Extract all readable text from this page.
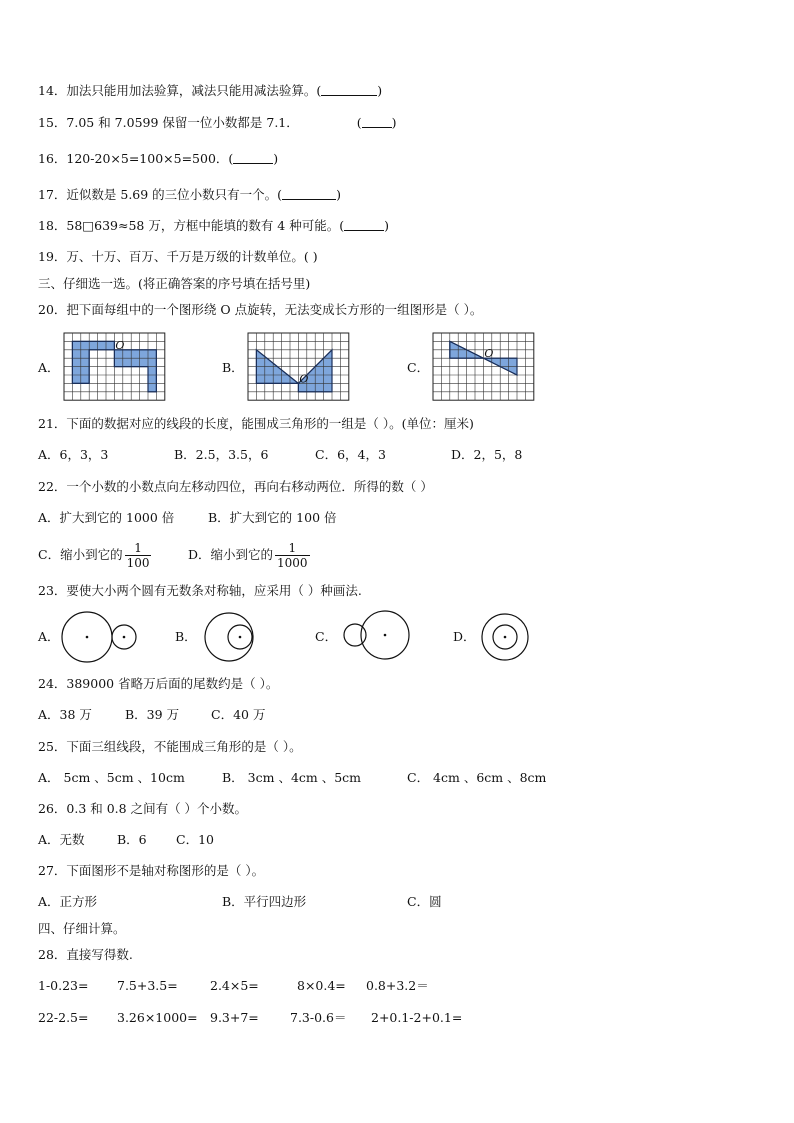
14．加法只能用加法验算，减法只能用减法验算。(	)
15．7.05 和 7.0599 保留一位小数都是 7.1．	( )
16．120-20×5=100×5=500．(	)
17．近似数是 5.69 的三位小数只有一个。(	)
18．58□639≈58 万，方框中能填的数有 4 种可能。(	)
19．万、十万、百万、千万是万级的计数单位。( )
三、仔细选一选。(将正确答案的序号填在括号里)
20．把下面每组中的一个图形绕 O 点旋转，无法变成长方形的一组图形是（ ）。
A．	B．	C．
O
O
O
21．下面的数据对应的线段的长度，能围成三角形的一组是（ ）。(单位：厘米)
A．6，3，3	B．2.5，3.5，6	C．6，4，3	D．2，5，8
22．一个小数的小数点向左移动四位，再向右移动两位．所得的数（ ）
A．扩大到它的 1000 倍	B．扩大到它的 100 倍
C．缩小到它的 $\frac{1}{100}$	D．缩小到它的 $\frac{1}{1000}$
23．要使大小两个圆有无数条对称轴，应采用（ ）种画法.
A．	B．	C．	D．
24．389000 省略万后面的尾数约是（ ）。
A．38 万	B．39 万	C．40 万
25．下面三组线段，不能围成三角形的是（ ）。
A． 5cm 、5cm 、10cm	B． 3cm 、4cm 、5cm	C． 4cm 、6cm 、8cm
26．0.3 和 0.8 之间有（ ）个小数。
A．无数	B．6 C．10
27．下面图形不是轴对称图形的是（ ）。
A．正方形	B．平行四边形	C．圆
四、仔细计算。
28．直接写得数.
1-0.23= 7.5+3.5=	2.4×5=	8×0.4= 0.8+3.2＝
22-2.5= 3.26×1000= 9.3+7= 7.3-0.6＝ 2+0.1-2+0.1=
